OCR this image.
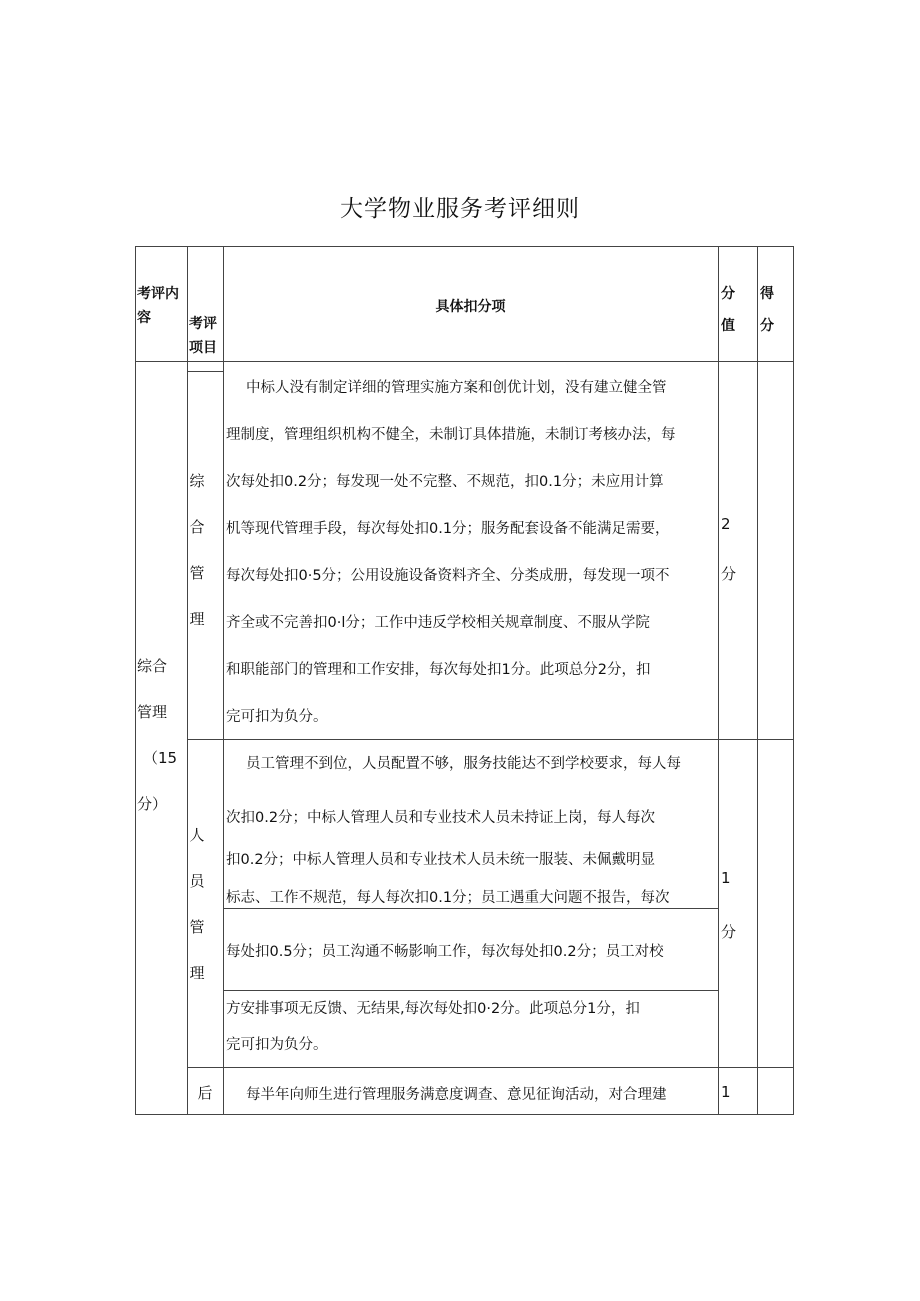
大学物业服务考评细则
考评内
容	考评
项目
具体扣分项
分
值
得
分
综合
管理
（15
分）
综
合
管
理
中标人没有制定详细的管理实施方案和创优计划，没有建立健全管
理制度，管理组织机构不健全，未制订具体措施，未制订考核办法，每
次每处扣0.2分；每发现一处不完整、不规范，扣0.1分；未应用计算
机等现代管理手段，每次每处扣0.1分；服务配套设备不能满足需要，
每次每处扣0·5分；公用设施设备资料齐全、分类成册，每发现一项不
齐全或不完善扣0·l分；工作中违反学校相关规章制度、不服从学院
和职能部门的管理和工作安排，每次每处扣1分。此项总分2分，扣
完可扣为负分。
2
分
人
员
管
理
员工管理不到位，人员配置不够，服务技能达不到学校要求，每人每
次扣0.2分；中标人管理人员和专业技术人员未持证上岗，每人每次
扣0.2分；中标人管理人员和专业技术人员未统一服装、未佩戴明显
标志、工作不规范，每人每次扣0.1分；员工遇重大问题不报告，每次
每处扣0.5分；员工沟通不畅影响工作，每次每处扣0.2分；员工对校
方安排事项无反馈、无结果,每次每处扣0·2分。此项总分1分，扣
完可扣为负分。
1
分
后 每半年向师生进行管理服务满意度调查、意见征询活动，对合理建	1
